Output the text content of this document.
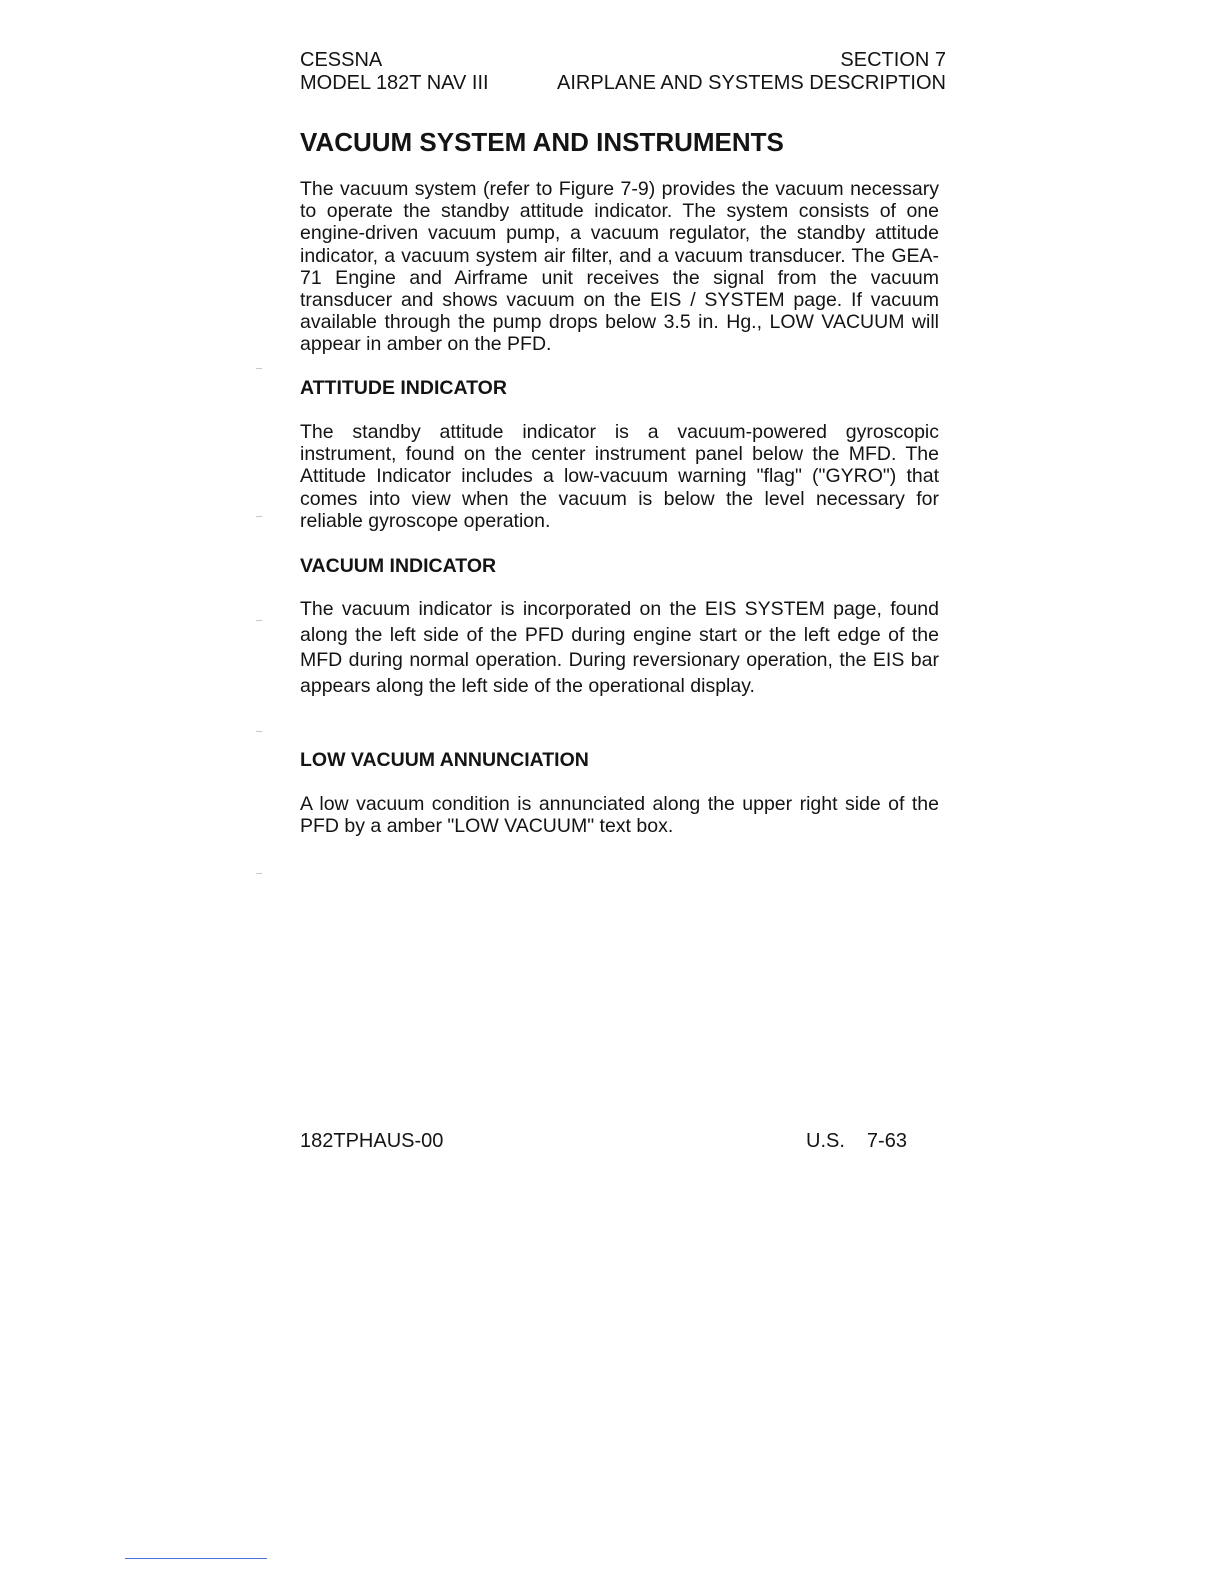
CESSNA	SECTION 7
MODEL 182T NAV III	AIRPLANE AND SYSTEMS DESCRIPTION
VACUUM SYSTEM AND INSTRUMENTS

The vacuum system (refer to Figure 7-9) provides the vacuum necessary to operate the standby attitude indicator. The system consists of one engine-driven vacuum pump, a vacuum regulator, the standby attitude indicator, a vacuum system air filter, and a vacuum transducer. The GEA-71 Engine and Airframe unit receives the signal from the vacuum transducer and shows vacuum on the EIS / SYSTEM page. If vacuum available through the pump drops below 3.5 in. Hg., LOW VACUUM will appear in amber on the PFD.

ATTITUDE INDICATOR

The standby attitude indicator is a vacuum-powered gyroscopic instrument, found on the center instrument panel below the MFD. The Attitude Indicator includes a low-vacuum warning "flag" ("GYRO") that comes into view when the vacuum is below the level necessary for reliable gyroscope operation.

VACUUM INDICATOR

The vacuum indicator is incorporated on the EIS SYSTEM page, found along the left side of the PFD during engine start or the left edge of the MFD during normal operation. During reversionary operation, the EIS bar appears along the left side of the operational display.

LOW VACUUM ANNUNCIATION

A low vacuum condition is annunciated along the upper right side of the PFD by a amber "LOW VACUUM" text box.

182TPHAUS-00	U.S. 7-63
